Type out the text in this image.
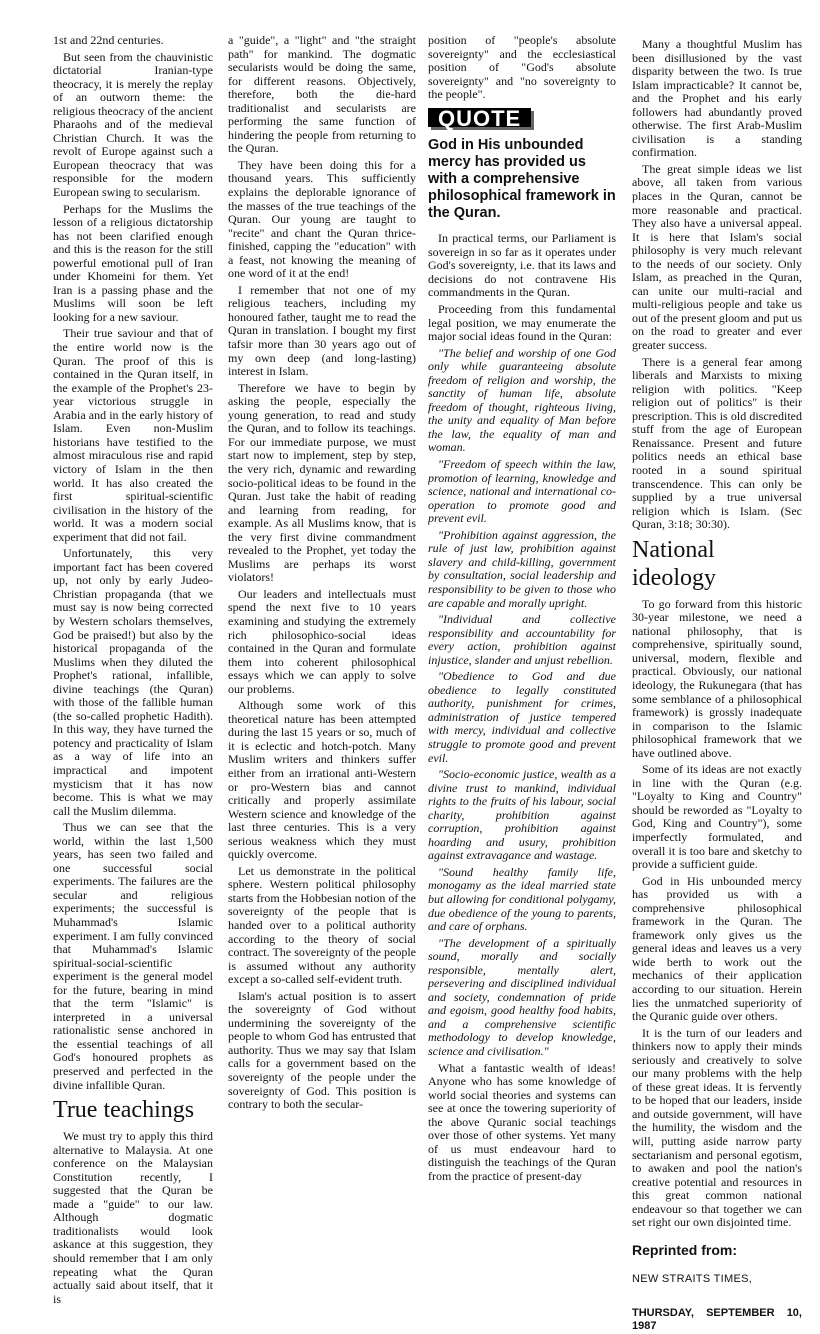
1st and 22nd centuries.

But seen from the chauvinistic dictatorial Iranian-type theocracy, it is merely the replay of an outworn theme: the religious theocracy of the ancient Pharaohs and of the medieval Christian Church. It was the revolt of Europe against such a European theocracy that was responsible for the modern European swing to secularism.

Perhaps for the Muslims the lesson of a religious dictatorship has not been clarified enough and this is the reason for the still powerful emotional pull of Iran under Khomeini for them. Yet Iran is a passing phase and the Muslims will soon be left looking for a new saviour.

Their true saviour and that of the entire world now is the Quran. The proof of this is contained in the Quran itself, in the example of the Prophet's 23-year victorious struggle in Arabia and in the early history of Islam. Even non-Muslim historians have testified to the almost miraculous rise and rapid victory of Islam in the then world. It has also created the first spiritual-scientific civilisation in the history of the world. It was a modern social experiment that did not fail.

Unfortunately, this very important fact has been covered up, not only by early Judeo-Christian propaganda (that we must say is now being corrected by Western scholars themselves, God be praised!) but also by the historical propaganda of the Muslims when they diluted the Prophet's rational, infallible, divine teachings (the Quran) with those of the fallible human (the so-called prophetic Hadith). In this way, they have turned the potency and practicality of Islam as a way of life into an impractical and impotent mysticism that it has now become. This is what we may call the Muslim dilemma.

Thus we can see that the world, within the last 1,500 years, has seen two failed and one successful social experiments. The failures are the secular and religious experiments; the successful is Muhammad's Islamic experiment. I am fully convinced that Muhammad's Islamic spiritual-social-scientific experiment is the general model for the future, bearing in mind that the term "Islamic" is interpreted in a universal rationalistic sense anchored in the essential teachings of all God's honoured prophets as preserved and perfected in the divine infallible Quran.

True teachings

We must try to apply this third alternative to Malaysia. At one conference on the Malaysian Constitution recently, I suggested that the Quran be made a "guide" to our law. Although dogmatic traditionalists would look askance at this suggestion, they should remember that I am only repeating what the Quran actually said about itself, that it is

a "guide", a "light" and "the straight path" for mankind. The dogmatic secularists would be doing the same, for different reasons. Objectively, therefore, both the die-hard traditionalist and secularists are performing the same function of hindering the people from returning to the Quran.

They have been doing this for a thousand years. This sufficiently explains the deplorable ignorance of the masses of the true teachings of the Quran. Our young are taught to "recite" and chant the Quran thrice-finished, capping the "education" with a feast, not knowing the meaning of one word of it at the end!

I remember that not one of my religious teachers, including my honoured father, taught me to read the Quran in translation. I bought my first tafsir more than 30 years ago out of my own deep (and long-lasting) interest in Islam.

Therefore we have to begin by asking the people, especially the young generation, to read and study the Quran, and to follow its teachings. For our immediate purpose, we must start now to implement, step by step, the very rich, dynamic and rewarding socio-political ideas to be found in the Quran. Just take the habit of reading and learning from reading, for example. As all Muslims know, that is the very first divine commandment revealed to the Prophet, yet today the Muslims are perhaps its worst violators!

Our leaders and intellectuals must spend the next five to 10 years examining and studying the extremely rich philosophico-social ideas contained in the Quran and formulate them into coherent philosophical essays which we can apply to solve our problems.

Although some work of this theoretical nature has been attempted during the last 15 years or so, much of it is eclectic and hotch-potch. Many Muslim writers and thinkers suffer either from an irrational anti-Western or pro-Western bias and cannot critically and properly assimilate Western science and knowledge of the last three centuries. This is a very serious weakness which they must quickly overcome.

Let us demonstrate in the political sphere. Western political philosophy starts from the Hobbesian notion of the sovereignty of the people that is handed over to a political authority according to the theory of social contract. The sovereignty of the people is assumed without any authority except a so-called self-evident truth.

Islam's actual position is to assert the sovereignty of God without undermining the sovereignty of the people to whom God has entrusted that authority. Thus we may say that Islam calls for a government based on the sovereignty of the people under the sovereignty of God. This position is contrary to both the secular-

position of "people's absolute sovereignty" and the ecclesiastical position of "God's absolute sovereignty" and "no sovereignty to the people".

QUOTE
God in His unbounded mercy has provided us with a comprehensive philosophical framework in the Quran.

In practical terms, our Parliament is sovereign in so far as it operates under God's sovereignty, i.e. that its laws and decisions do not contravene His commandments in the Quran.

Proceeding from this fundamental legal position, we may enumerate the major social ideas found in the Quran:

"The belief and worship of one God only while guaranteeing absolute freedom of religion and worship, the sanctity of human life, absolute freedom of thought, righteous living, the unity and equality of Man before the law, the equality of man and woman.

"Freedom of speech within the law, promotion of learning, knowledge and science, national and international co-operation to promote good and prevent evil.

"Prohibition against aggression, the rule of just law, prohibition against slavery and child-killing, government by consultation, social leadership and responsibility to be given to those who are capable and morally upright.

"Individual and collective responsibility and accountability for every action, prohibition against injustice, slander and unjust rebellion.

"Obedience to God and due obedience to legally constituted authority, punishment for crimes, administration of justice tempered with mercy, individual and collective struggle to promote good and prevent evil.

"Socio-economic justice, wealth as a divine trust to mankind, individual rights to the fruits of his labour, social charity, prohibition against corruption, prohibition against hoarding and usury, prohibition against extravagance and wastage.

"Sound healthy family life, monogamy as the ideal married state but allowing for conditional polygamy, due obedience of the young to parents, and care of orphans.

"The development of a spiritually sound, morally and socially responsible, mentally alert, persevering and disciplined individual and society, condemnation of pride and egoism, good healthy food habits, and a comprehensive scientific methodology to develop knowledge, science and civilisation."

What a fantastic wealth of ideas! Anyone who has some knowledge of world social theories and systems can see at once the towering superiority of the above Quranic social teachings over those of other systems. Yet many of us must endeavour hard to distinguish the teachings of the Quran from the practice of present-day

Many a thoughtful Muslim has been disillusioned by the vast disparity between the two. Is true Islam impracticable? It cannot be, and the Prophet and his early followers had abundantly proved otherwise. The first Arab-Muslim civilisation is a standing confirmation.

The great simple ideas we list above, all taken from various places in the Quran, cannot be more reasonable and practical. They also have a universal appeal. It is here that Islam's social philosophy is very much relevant to the needs of our society. Only Islam, as preached in the Quran, can unite our multi-racial and multi-religious people and take us out of the present gloom and put us on the road to greater and ever greater success.

There is a general fear among liberals and Marxists to mixing religion with politics. "Keep religion out of politics" is their prescription. This is old discredited stuff from the age of European Renaissance. Present and future politics needs an ethical base rooted in a sound spiritual transcendence. This can only be supplied by a true universal religion which is Islam. (Sec Quran, 3:18; 30:30).

National ideology

To go forward from this historic 30-year milestone, we need a national philosophy, that is comprehensive, spiritually sound, universal, modern, flexible and practical. Obviously, our national ideology, the Rukunegara (that has some semblance of a philosophical framework) is grossly inadequate in comparison to the Islamic philosophical framework that we have outlined above.

Some of its ideas are not exactly in line with the Quran (e.g. "Loyalty to King and Country" should be reworded as "Loyalty to God, King and Country"), some imperfectly formulated, and overall it is too bare and sketchy to provide a sufficient guide.

God in His unbounded mercy has provided us with a comprehensive philosophical framework in the Quran. The framework only gives us the general ideas and leaves us a very wide berth to work out the mechanics of their application according to our situation. Herein lies the unmatched superiority of the Quranic guide over others.

It is the turn of our leaders and thinkers now to apply their minds seriously and creatively to solve our many problems with the help of these great ideas. It is fervently to be hoped that our leaders, inside and outside government, will have the humility, the wisdom and the will, putting aside narrow party sectarianism and personal egotism, to awaken and pool the nation's creative potential and resources in this great common national endeavour so that together we can set right our own disjointed time.

Reprinted from:
NEW STRAITS TIMES,
THURSDAY, SEPTEMBER 10, 1987
